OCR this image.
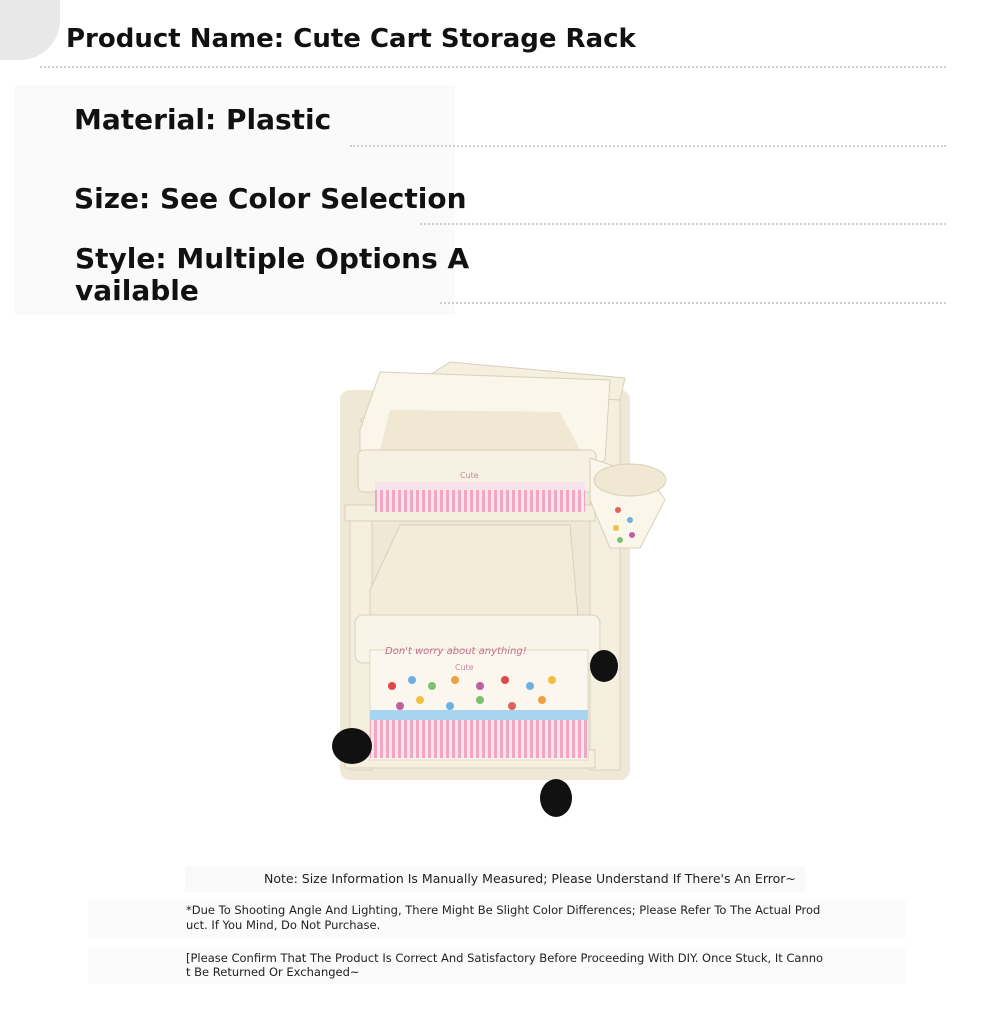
Product Name: Cute Cart Storage Rack
Material: Plastic
Size: See Color Selection
Style: Multiple Options A
vailable
Cute
Don't worry about anything!
Cute
Note: Size Information Is Manually Measured; Please Understand If There's An Error~
*Due To Shooting Angle And Lighting, There Might Be Slight Color Differences; Please Refer To The Actual Prod
uct. If You Mind, Do Not Purchase.
[Please Confirm That The Product Is Correct And Satisfactory Before Proceeding With DIY. Once Stuck, It Canno
t Be Returned Or Exchanged~
